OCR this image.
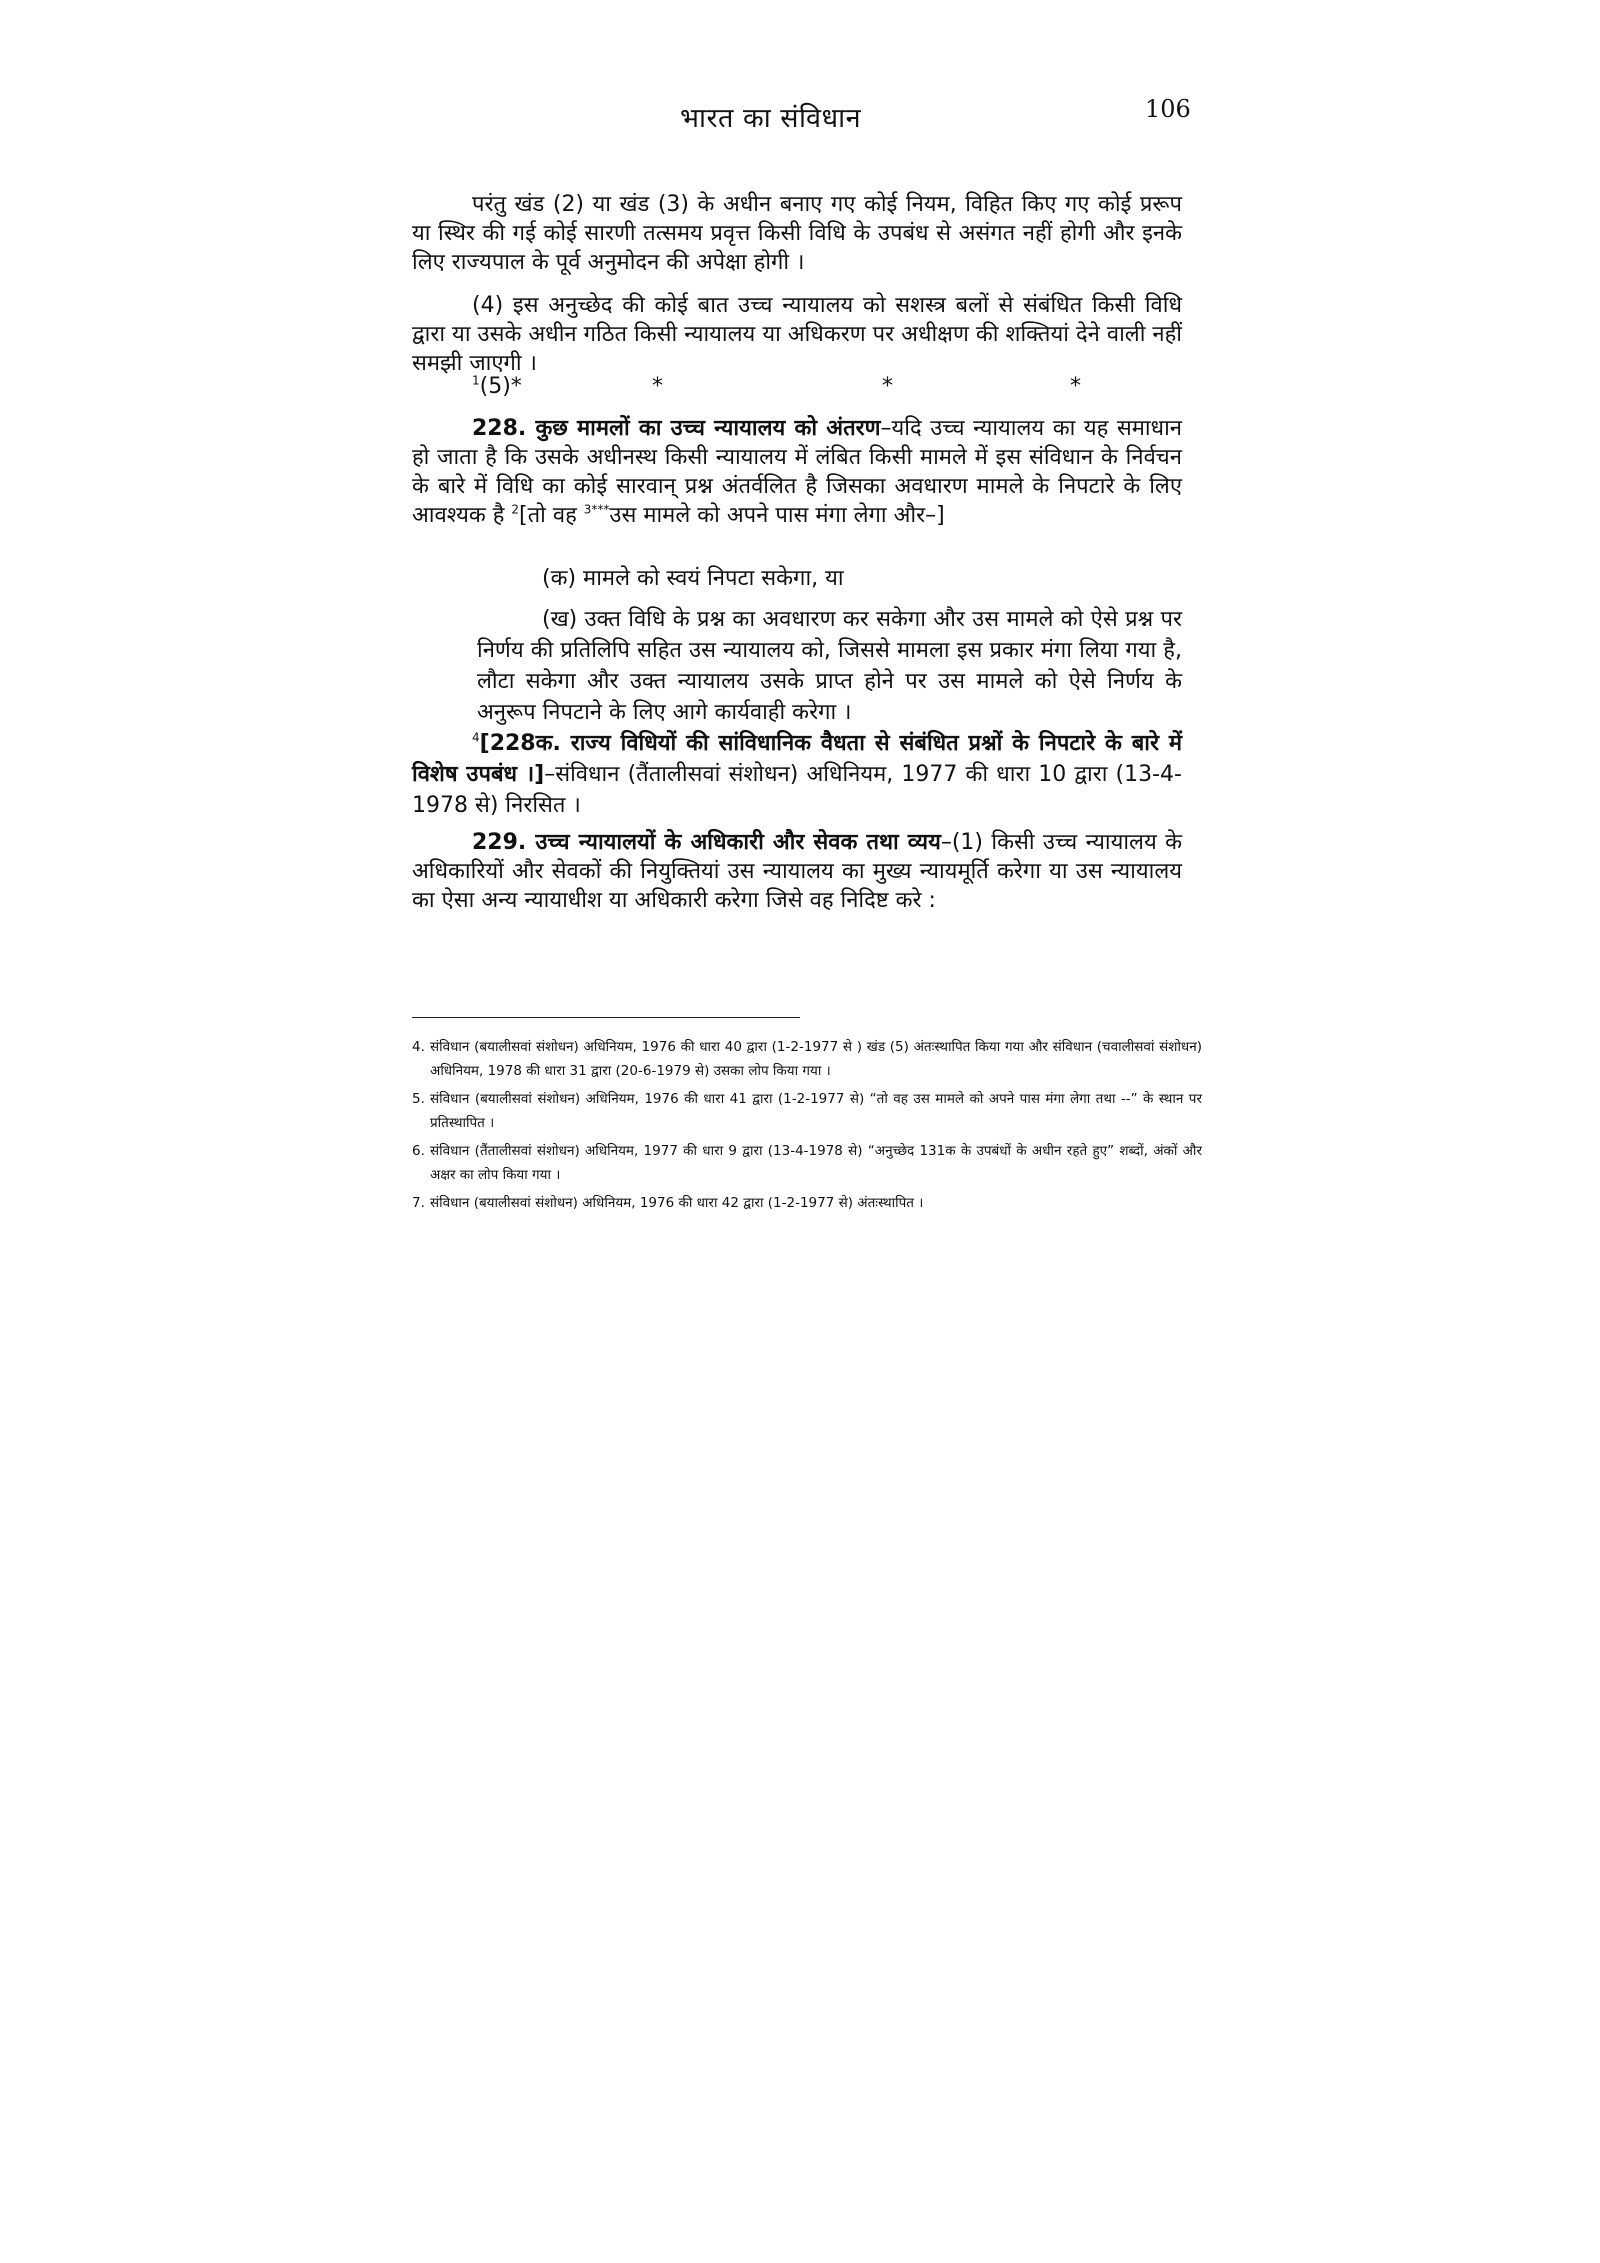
भारत का संविधान	106

परंतु खंड (2) या खंड (3) के अधीन बनाए गए कोई नियम, विहित किए गए कोई प्ररूप या स्थिर की गई कोई सारणी तत्समय प्रवृत्त किसी विधि के उपबंध से असंगत नहीं होगी और इनके लिए राज्यपाल के पूर्व अनुमोदन की अपेक्षा होगी ।

(4) इस अनुच्छेद की कोई बात उच्च न्यायालय को सशस्त्र बलों से संबंधित किसी विधि द्वारा या उसके अधीन गठित किसी न्यायालय या अधिकरण पर अधीक्षण की शक्तियां देने वाली नहीं समझी जाएगी ।

$^1$(5)*	*	*	*

228. कुछ मामलों का उच्च न्यायालय को अंतरण–यदि उच्च न्यायालय का यह समाधान हो जाता है कि उसके अधीनस्थ किसी न्यायालय में लंबित किसी मामले में इस संविधान के निर्वचन के बारे में विधि का कोई सारवान् प्रश्न अंतर्वलित है जिसका अवधारण मामले के निपटारे के लिए आवश्यक है $^2$[तो वह $^{3***}$उस मामले को अपने पास मंगा लेगा और–]

(क) मामले को स्वयं निपटा सकेगा, या

(ख) उक्त विधि के प्रश्न का अवधारण कर सकेगा और उस मामले को ऐसे प्रश्न पर निर्णय की प्रतिलिपि सहित उस न्यायालय को, जिससे मामला इस प्रकार मंगा लिया गया है, लौटा सकेगा और उक्त न्यायालय उसके प्राप्त होने पर उस मामले को ऐसे निर्णय के अनुरूप निपटाने के लिए आगे कार्यवाही करेगा ।

$^4$[228क. राज्य विधियों की सांविधानिक वैधता से संबंधित प्रश्नों के निपटारे के बारे में विशेष उपबंध ।]–संविधान (तैंतालीसवां संशोधन) अधिनियम, 1977 की धारा 10 द्वारा (13-4-1978 से) निरसित ।

229. उच्च न्यायालयों के अधिकारी और सेवक तथा व्यय–(1) किसी उच्च न्यायालय के अधिकारियों और सेवकों की नियुक्तियां उस न्यायालय का मुख्य न्यायमूर्ति करेगा या उस न्यायालय का ऐसा अन्य न्यायाधीश या अधिकारी करेगा जिसे वह निदिष्ट करे :

4. संविधान (बयालीसवां संशोधन) अधिनियम, 1976 की धारा 40 द्वारा (1-2-1977 से ) खंड (5) अंतःस्थापित किया गया और संविधान (चवालीसवां संशोधन) अधिनियम, 1978 की धारा 31 द्वारा (20-6-1979 से) उसका लोप किया गया ।
5. संविधान (बयालीसवां संशोधन) अधिनियम, 1976 की धारा 41 द्वारा (1-2-1977 से) “तो वह उस मामले को अपने पास मंगा लेगा तथा --” के स्थान पर प्रतिस्थापित ।
6. संविधान (तैंतालीसवां संशोधन) अधिनियम, 1977 की धारा 9 द्वारा (13-4-1978 से) “अनुच्छेद 131क के उपबंधों के अधीन रहते हुए” शब्दों, अंकों और अक्षर का लोप किया गया ।
7. संविधान (बयालीसवां संशोधन) अधिनियम, 1976 की धारा 42 द्वारा (1-2-1977 से) अंतःस्थापित ।
